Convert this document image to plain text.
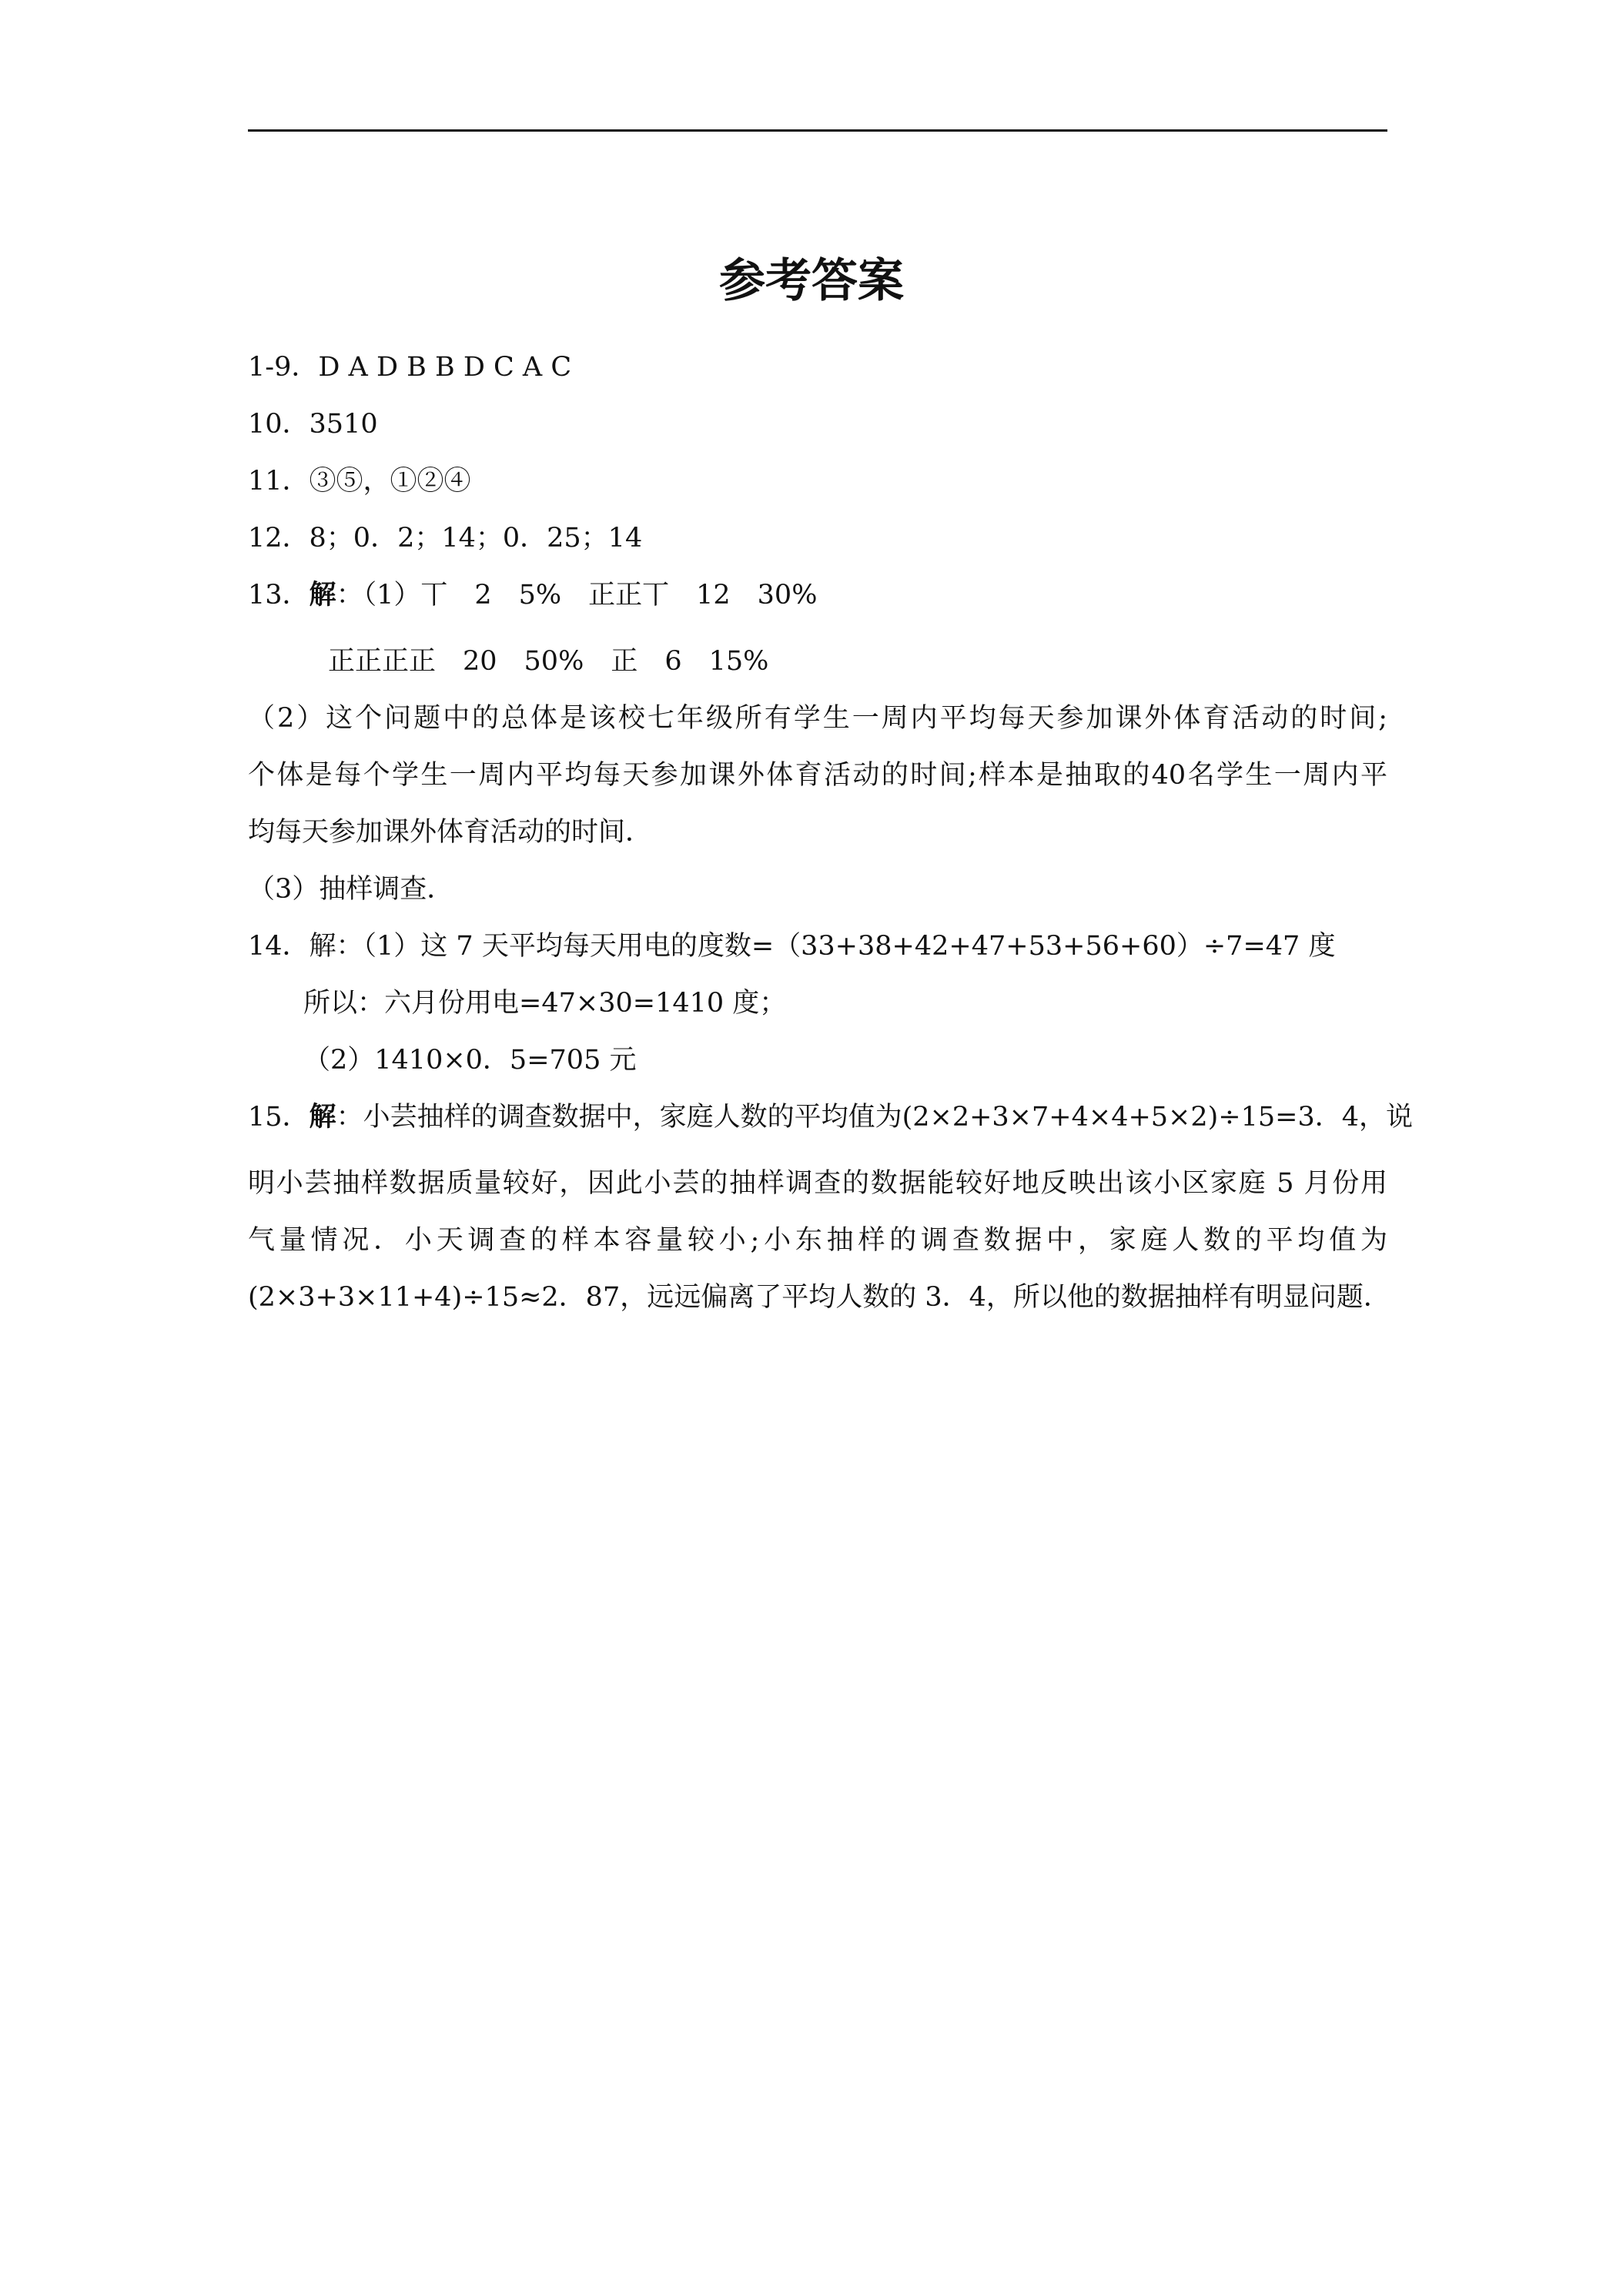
参考答案
1-9．D A D B B D C A C
10．3510
11．③⑤，①②④
12．8；0．2；14；0．25；14
13．解：（1）丅　2　5%　正正丅　12　30%
正正正正　20　50%　正　6　15%
（2）这个问题中的总体是该校七年级所有学生一周内平均每天参加课外体育活动的时间;
个体是每个学生一周内平均每天参加课外体育活动的时间;样本是抽取的40名学生一周内平
均每天参加课外体育活动的时间．
（3）抽样调查．
14．解：（1）这 7 天平均每天用电的度数=（33+38+42+47+53+56+60）÷7=47 度
所以：六月份用电=47×30=1410 度；
（2）1410×0．5=705 元
15．解：小芸抽样的调查数据中，家庭人数的平均值为(2×2+3×7+4×4+5×2)÷15=3．4，说
明小芸抽样数据质量较好，因此小芸的抽样调查的数据能较好地反映出该小区家庭 5 月份用
气量情况．小天调查的样本容量较小;小东抽样的调查数据中，家庭人数的平均值为
(2×3+3×11+4)÷15≈2．87，远远偏离了平均人数的 3．4，所以他的数据抽样有明显问题．
